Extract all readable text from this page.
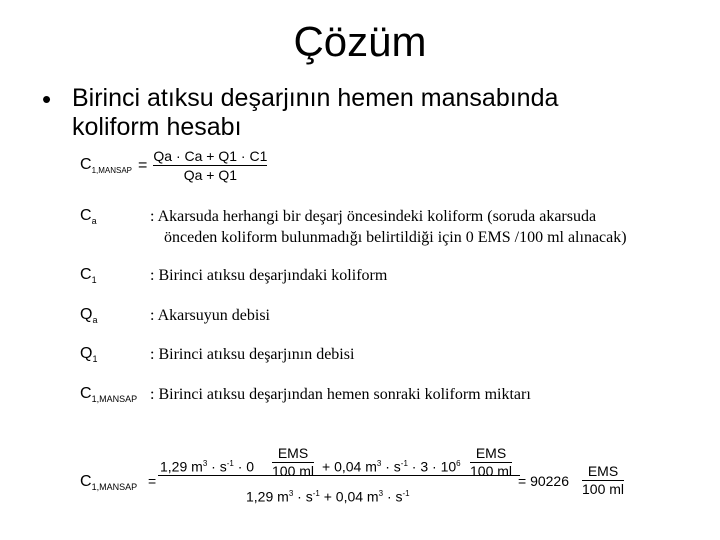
Çözüm
• Birinci atıksu deşarjının hemen mansabında
koliform hesabı
$C_{1,MANSAP} = \frac{Qa \cdot Ca + Q1 \cdot C1}{Qa + Q1}$
$C_a$	: Akarsuda herhangi bir deşarj öncesindeki koliform (soruda akarsuda
önceden koliform bulunmadığı belirtildiği için 0 EMS /100 ml alınacak)
$C_1$	: Birinci atıksu deşarjındaki koliform
$Q_a$	: Akarsuyun debisi
$Q_1$	: Birinci atıksu deşarjının debisi
$C_{1,MANSAP}$ : Birinci atıksu deşarjından hemen sonraki koliform miktarı
$C_{1,MANSAP}$ =
1,29 $m^3 \cdot s^{-1} \cdot 0$
EMS
100 ml + 0,04 $m^3 \cdot s^{-1} \cdot 3 \cdot 10^6$
EMS
100 ml
1,29 $m^3 \cdot s^{-1} + 0,04$ $m^3 \cdot s^{-1}$
= 90226
EMS
100 ml
